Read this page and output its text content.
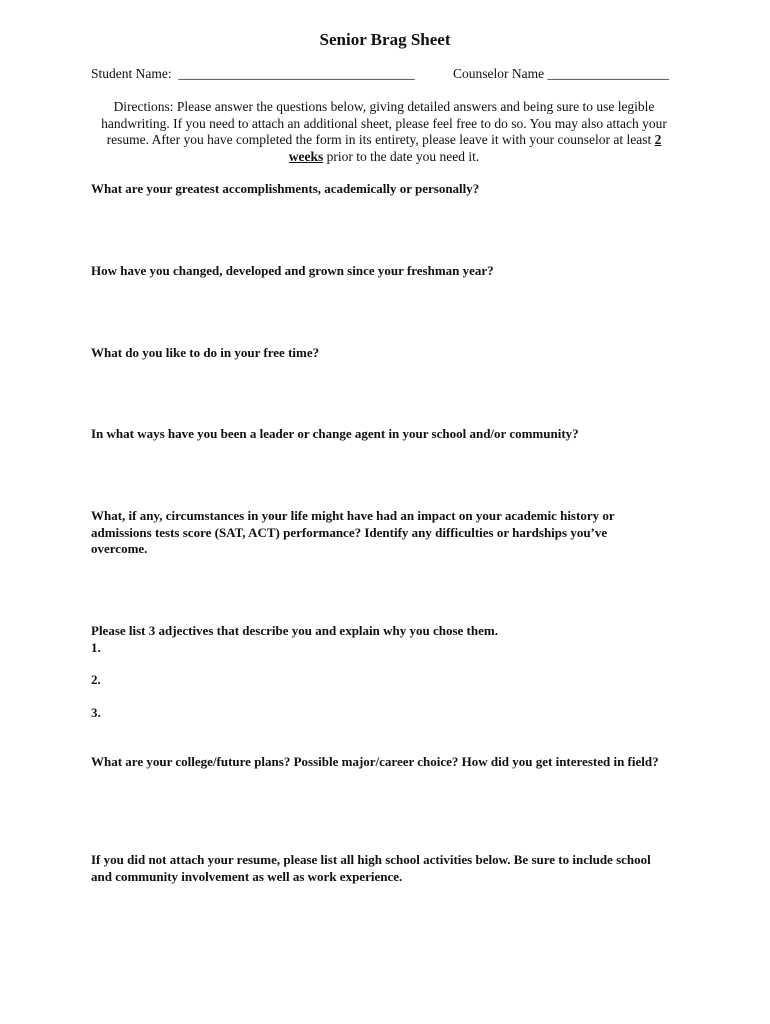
Senior Brag Sheet
Student Name: ___________________________________	Counselor Name __________________
Directions: Please answer the questions below, giving detailed answers and being sure to use legible handwriting. If you need to attach an additional sheet, please feel free to do so. You may also attach your resume. After you have completed the form in its entirety, please leave it with your counselor at least 2 weeks prior to the date you need it.
What are your greatest accomplishments, academically or personally?
How have you changed, developed and grown since your freshman year?
What do you like to do in your free time?
In what ways have you been a leader or change agent in your school and/or community?
What, if any, circumstances in your life might have had an impact on your academic history or admissions tests score (SAT, ACT) performance? Identify any difficulties or hardships you’ve overcome.
Please list 3 adjectives that describe you and explain why you chose them.
1.
2.
3.
What are your college/future plans? Possible major/career choice? How did you get interested in field?
If you did not attach your resume, please list all high school activities below. Be sure to include school and community involvement as well as work experience.
